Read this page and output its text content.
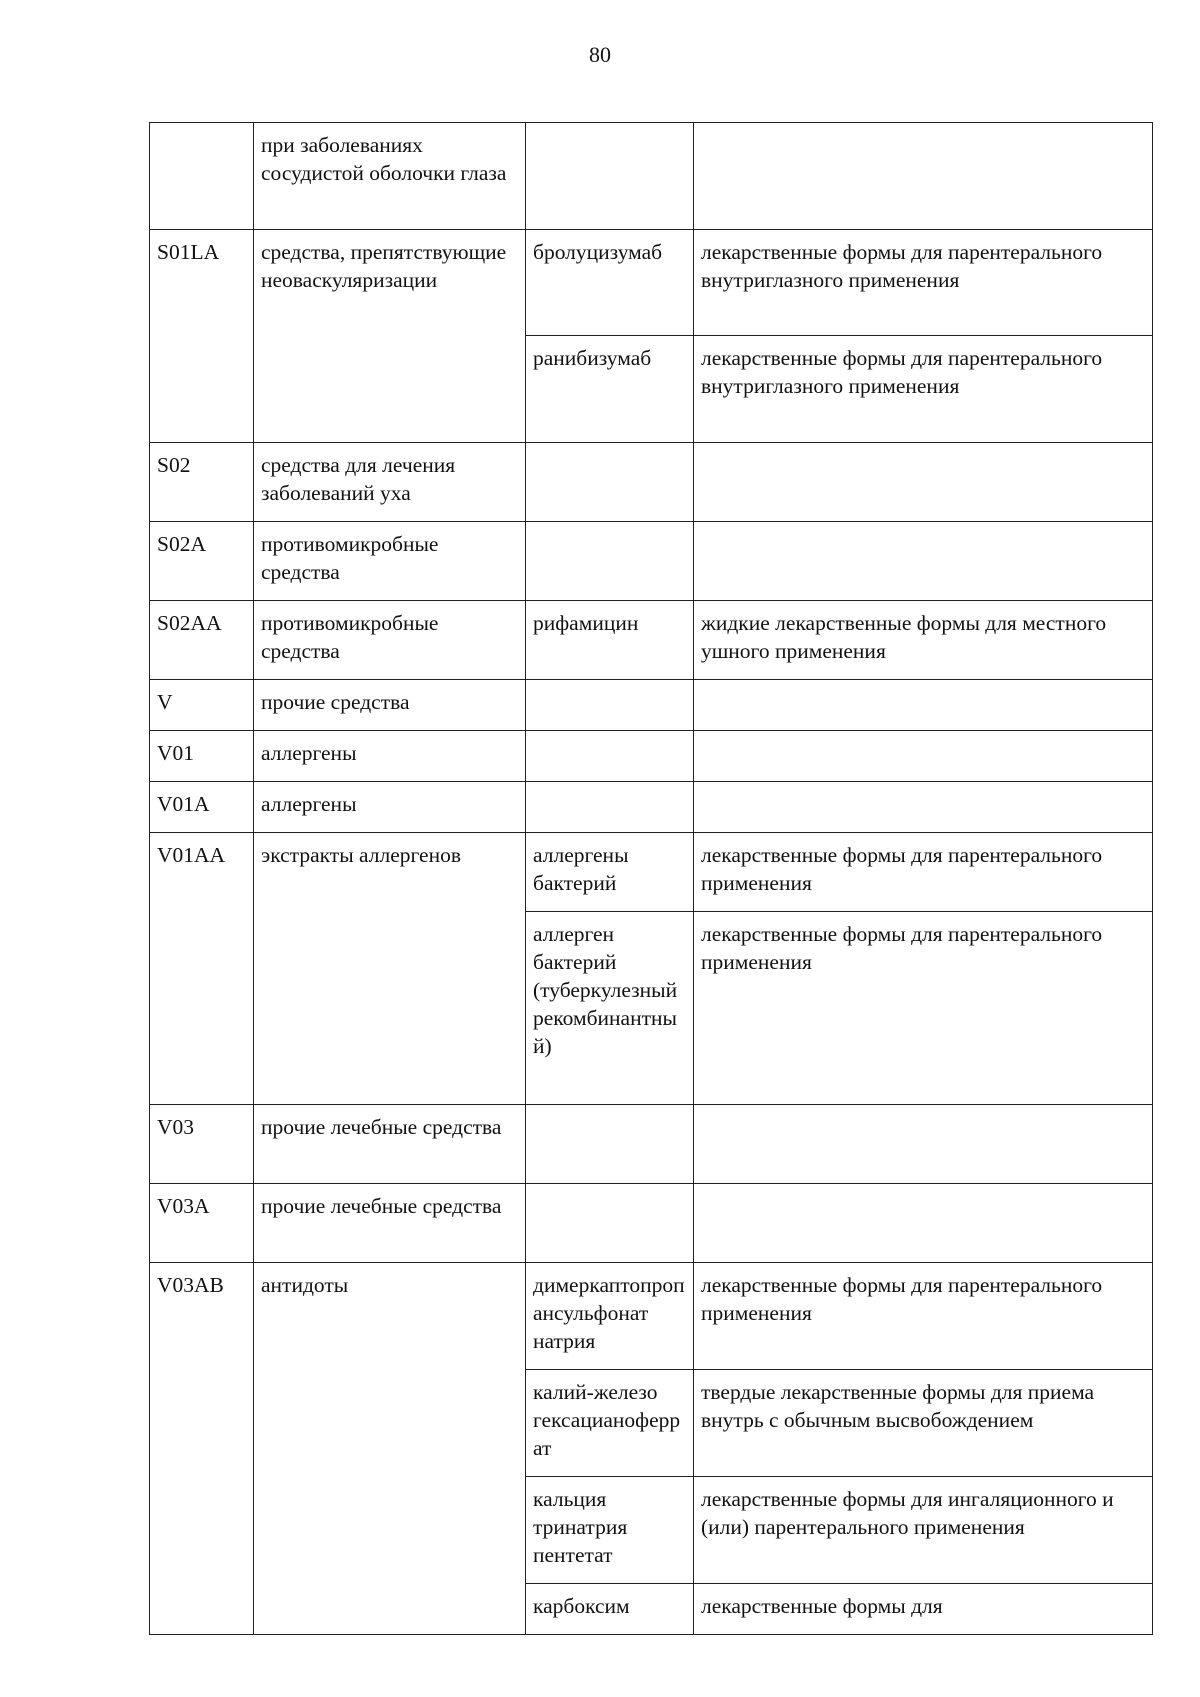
80
	при заболеваниях сосудистой оболочки глаза		
S01LA	средства, препятствующие неоваскуляризации	бролуцизумаб	лекарственные формы для парентерального внутриглазного применения
		ранибизумаб	лекарственные формы для парентерального внутриглазного применения
S02	средства для лечения заболеваний уха		
S02A	противомикробные средства		
S02AA	противомикробные средства	рифамицин	жидкие лекарственные формы для местного ушного применения
V	прочие средства		
V01	аллергены		
V01A	аллергены		
V01AA	экстракты аллергенов	аллергены бактерий	лекарственные формы для парентерального применения
		аллерген бактерий (туберкулезный рекомбинантный)	лекарственные формы для парентерального применения
V03	прочие лечебные средства		
V03A	прочие лечебные средства		
V03AB	антидоты	димеркаптопропансульфонат натрия	лекарственные формы для парентерального применения
		калий-железо гексацианоферрат	твердые лекарственные формы для приема внутрь с обычным высвобождением
		кальция тринатрия пентетат	лекарственные формы для ингаляционного и (или) парентерального применения
		карбоксим	лекарственные формы для
